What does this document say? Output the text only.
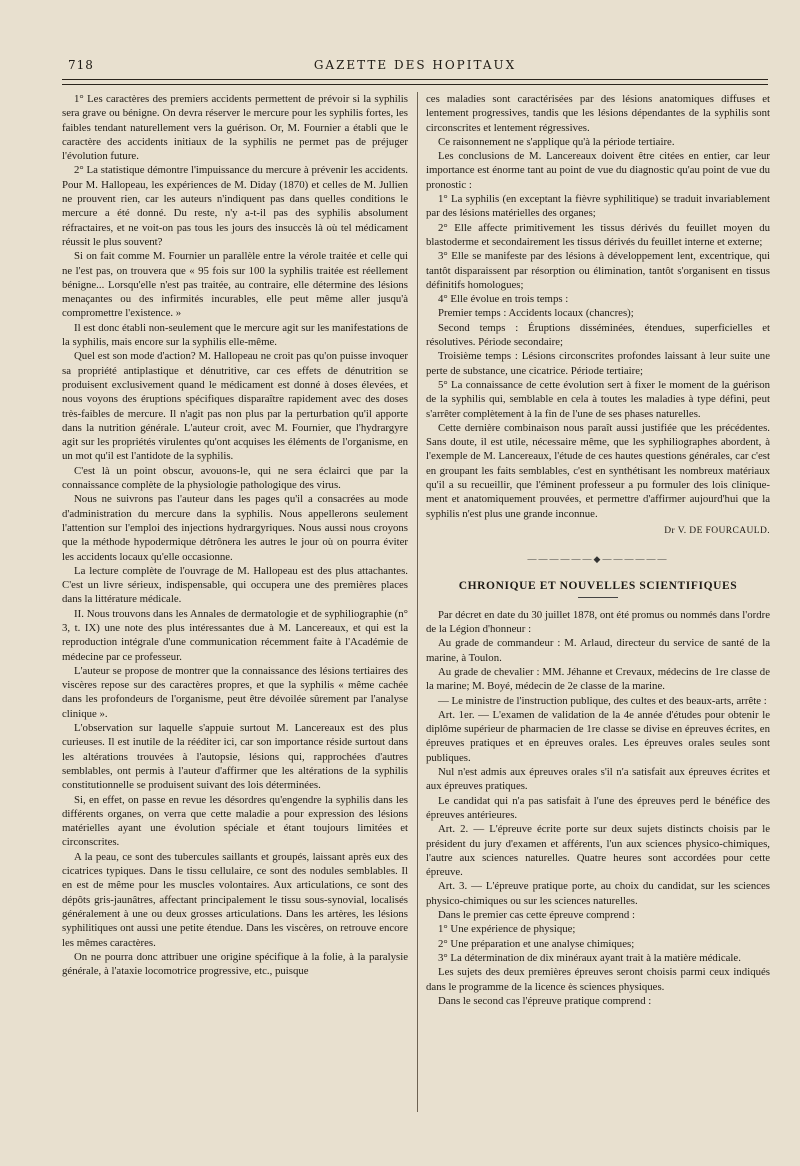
718	GAZETTE DES HOPITAUX

1° Les caractères des premiers accidents permettent de prévoir si la syphilis sera grave ou bénigne. On devra réserver le mercure pour les syphilis fortes, les faibles tendant naturellement vers la guérison. Or, M. Fournier a établi que le caractère des accidents initiaux de la syphilis ne permet pas de préjuger l'évolution future.

2° La statistique démontre l'impuissance du mercure à prévenir les accidents. Pour M. Hallopeau, les expériences de M. Diday (1870) et celles de M. Jullien ne prouvent rien, car les auteurs n'indiquent pas dans quelles conditions le mercure a été donné. Du reste, n'y a-t-il pas des syphilis absolument réfractaires, et ne voit-on pas tous les jours des insuccès là où tel médicament réussit le plus souvent?

Si on fait comme M. Fournier un parallèle entre la vérole traitée et celle qui ne l'est pas, on trouvera que « 95 fois sur 100 la syphilis traitée est réellement bénigne... Lorsqu'elle n'est pas traitée, au contraire, elle détermine des lésions menaçantes ou des infirmités incurables, elle peut même aller jusqu'à compromettre l'existence. »

Il est donc établi non-seulement que le mercure agit sur les manifestations de la syphilis, mais encore sur la syphilis elle-même.

Quel est son mode d'action? M. Hallopeau ne croit pas qu'on puisse invoquer sa propriété antiplastique et dénutritive, car ces effets de dénutrition se produisent exclusivement quand le médicament est donné à doses élevées, et nous voyons des éruptions spécifiques disparaître rapidement avec des doses très-faibles de mercure. Il n'agit pas non plus par la perturbation qu'il apporte dans la nutrition générale. L'auteur croit, avec M. Fournier, que l'hydrargyre agit sur les propriétés virulentes qu'ont acquises les éléments de l'organisme, en un mot qu'il est l'antidote de la syphilis.

C'est là un point obscur, avouons-le, qui ne sera éclairci que par la connaissance complète de la physiologie pathologique des virus.

Nous ne suivrons pas l'auteur dans les pages qu'il a consacrées au mode d'administration du mercure dans la syphilis. Nous appellerons seulement l'attention sur l'emploi des injections hydrargyriques. Nous aussi nous croyons que la méthode hypodermique détrônera les autres le jour où on pourra éviter les accidents locaux qu'elle occasionne.

La lecture complète de l'ouvrage de M. Hallopeau est des plus attachantes. C'est un livre sérieux, indispensable, qui occupera une des premières places dans la littérature médicale.

II. Nous trouvons dans les Annales de dermatologie et de syphiliographie (n° 3, t. IX) une note des plus intéressantes due à M. Lancereaux, et qui est la reproduction intégrale d'une communication récemment faite à l'Académie de médecine par ce professeur.

L'auteur se propose de montrer que la connaissance des lésions tertiaires des viscères repose sur des caractères propres, et que la syphilis « même cachée dans les profondeurs de l'organisme, peut être dévoilée sûrement par l'analyse clinique ».

L'observation sur laquelle s'appuie surtout M. Lancereaux est des plus curieuses. Il est inutile de la rééditer ici, car son importance réside surtout dans les altérations trouvées à l'autopsie, lésions qui, rapprochées d'autres semblables, ont permis à l'auteur d'affirmer que les altérations de la syphilis constitutionnelle se produisent suivant des lois déterminées.

Si, en effet, on passe en revue les désordres qu'engendre la syphilis dans les différents organes, on verra que cette maladie a pour expression des lésions matérielles ayant une évolution spéciale et étant toujours limitées et circonscrites.

A la peau, ce sont des tubercules saillants et groupés, laissant après eux des cicatrices typiques. Dans le tissu cellulaire, ce sont des nodules semblables. Il en est de même pour les muscles volontaires. Aux articulations, ce sont des dépôts gris-jaunâtres, affectant principalement le tissu sous-synovial, localisés généralement à une ou deux grosses articulations. Dans les artères, les lésions syphilitiques ont aussi une petite étendue. Dans les viscères, on retrouve encore les mêmes caractères.

On ne pourra donc attribuer une origine spécifique à la folie, à la paralysie générale, à l'ataxie locomotrice progressive, etc., puisque

ces maladies sont caractérisées par des lésions anatomiques diffuses et lentement progressives, tandis que les lésions dépendantes de la syphilis sont circonscrites et lentement régressives.

Ce raisonnement ne s'applique qu'à la période tertiaire.

Les conclusions de M. Lancereaux doivent être citées en entier, car leur importance est énorme tant au point de vue du diagnostic qu'au point de vue du pronostic :

1° La syphilis (en exceptant la fièvre syphilitique) se traduit invariablement par des lésions matérielles des organes;

2° Elle affecte primitivement les tissus dérivés du feuillet moyen du blastoderme et secondairement les tissus dérivés du feuillet interne et externe;

3° Elle se manifeste par des lésions à développement lent, excentrique, qui tantôt disparaissent par résorption ou élimination, tantôt s'organisent en tissus définitifs homologues;

4° Elle évolue en trois temps :

Premier temps : Accidents locaux (chancres);

Second temps : Éruptions disséminées, étendues, superficielles et résolutives. Période secondaire;

Troisième temps : Lésions circonscrites profondes laissant à leur suite une perte de substance, une cicatrice. Période tertiaire;

5° La connaissance de cette évolution sert à fixer le moment de la guérison de la syphilis qui, semblable en cela à toutes les maladies à type défini, peut s'arrêter complètement à la fin de l'une de ses phases naturelles.

Cette dernière combinaison nous paraît aussi justifiée que les précédentes. Sans doute, il est utile, nécessaire même, que les syphiliographes abordent, à l'exemple de M. Lancereaux, l'étude de ces hautes questions générales, car c'est en groupant les faits semblables, c'est en synthétisant les nombreux matériaux qu'il a su recueillir, que l'éminent professeur a pu formuler des lois clinique-ment et anatomiquement prouvées, et permettre d'affirmer aujourd'hui que la syphilis n'est plus une grande inconnue.

Dr V. DE FOURCAULD.
——————◆——————
CHRONIQUE ET NOUVELLES SCIENTIFIQUES

Par décret en date du 30 juillet 1878, ont été promus ou nommés dans l'ordre de la Légion d'honneur :

Au grade de commandeur : M. Arlaud, directeur du service de santé de la marine, à Toulon.

Au grade de chevalier : MM. Jéhanne et Crevaux, médecins de 1re classe de la marine; M. Boyé, médecin de 2e classe de la marine.

— Le ministre de l'instruction publique, des cultes et des beaux-arts, arrête :

Art. 1er. — L'examen de validation de la 4e année d'études pour obtenir le diplôme supérieur de pharmacien de 1re classe se divise en épreuves écrites, en épreuves pratiques et en épreuves orales. Les épreuves orales seules sont publiques.

Nul n'est admis aux épreuves orales s'il n'a satisfait aux épreuves écrites et aux épreuves pratiques.

Le candidat qui n'a pas satisfait à l'une des épreuves perd le bénéfice des épreuves antérieures.

Art. 2. — L'épreuve écrite porte sur deux sujets distincts choisis par le président du jury d'examen et afférents, l'un aux sciences physico-chimiques, l'autre aux sciences naturelles. Quatre heures sont accordées pour cette épreuve.

Art. 3. — L'épreuve pratique porte, au choix du candidat, sur les sciences physico-chimiques ou sur les sciences naturelles.

Dans le premier cas cette épreuve comprend :

1° Une expérience de physique;

2° Une préparation et une analyse chimiques;

3° La détermination de dix minéraux ayant trait à la matière médicale.

Les sujets des deux premières épreuves seront choisis parmi ceux indiqués dans le programme de la licence ès sciences physiques.

Dans le second cas l'épreuve pratique comprend :
